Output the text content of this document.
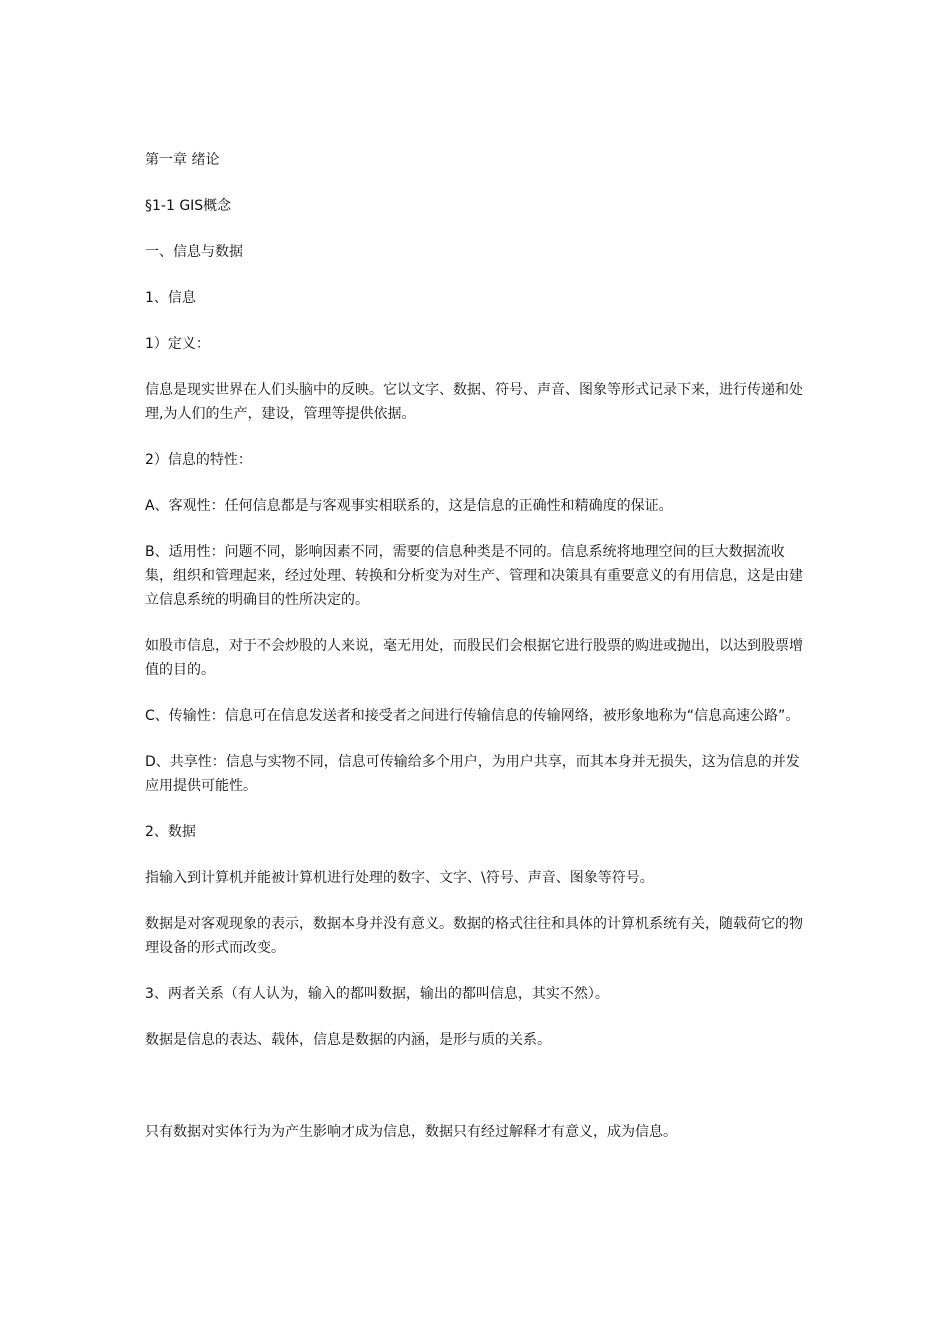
第一章 绪论

§1-1 GIS概念

一、信息与数据

1、信息

1）定义：

信息是现实世界在人们头脑中的反映。它以文字、数据、符号、声音、图象等形式记录下来，进行传递和处理,为人们的生产，建设，管理等提供依据。

2）信息的特性：

A、客观性：任何信息都是与客观事实相联系的，这是信息的正确性和精确度的保证。

B、适用性：问题不同，影响因素不同，需要的信息种类是不同的。信息系统将地理空间的巨大数据流收集，组织和管理起来，经过处理、转换和分析变为对生产、管理和决策具有重要意义的有用信息，这是由建立信息系统的明确目的性所决定的。

如股市信息，对于不会炒股的人来说，毫无用处，而股民们会根据它进行股票的购进或抛出，以达到股票增值的目的。

C、传输性：信息可在信息发送者和接受者之间进行传输信息的传输网络，被形象地称为“信息高速公路”。

D、共享性：信息与实物不同，信息可传输给多个用户，为用户共享，而其本身并无损失，这为信息的并发应用提供可能性。

2、数据

指输入到计算机并能被计算机进行处理的数字、文字、\符号、声音、图象等符号。

数据是对客观现象的表示，数据本身并没有意义。数据的格式往往和具体的计算机系统有关，随载荷它的物理设备的形式而改变。

3、两者关系（有人认为，输入的都叫数据，输出的都叫信息，其实不然）。

数据是信息的表达、载体，信息是数据的内涵，是形与质的关系。

只有数据对实体行为为产生影响才成为信息，数据只有经过解释才有意义，成为信息。
